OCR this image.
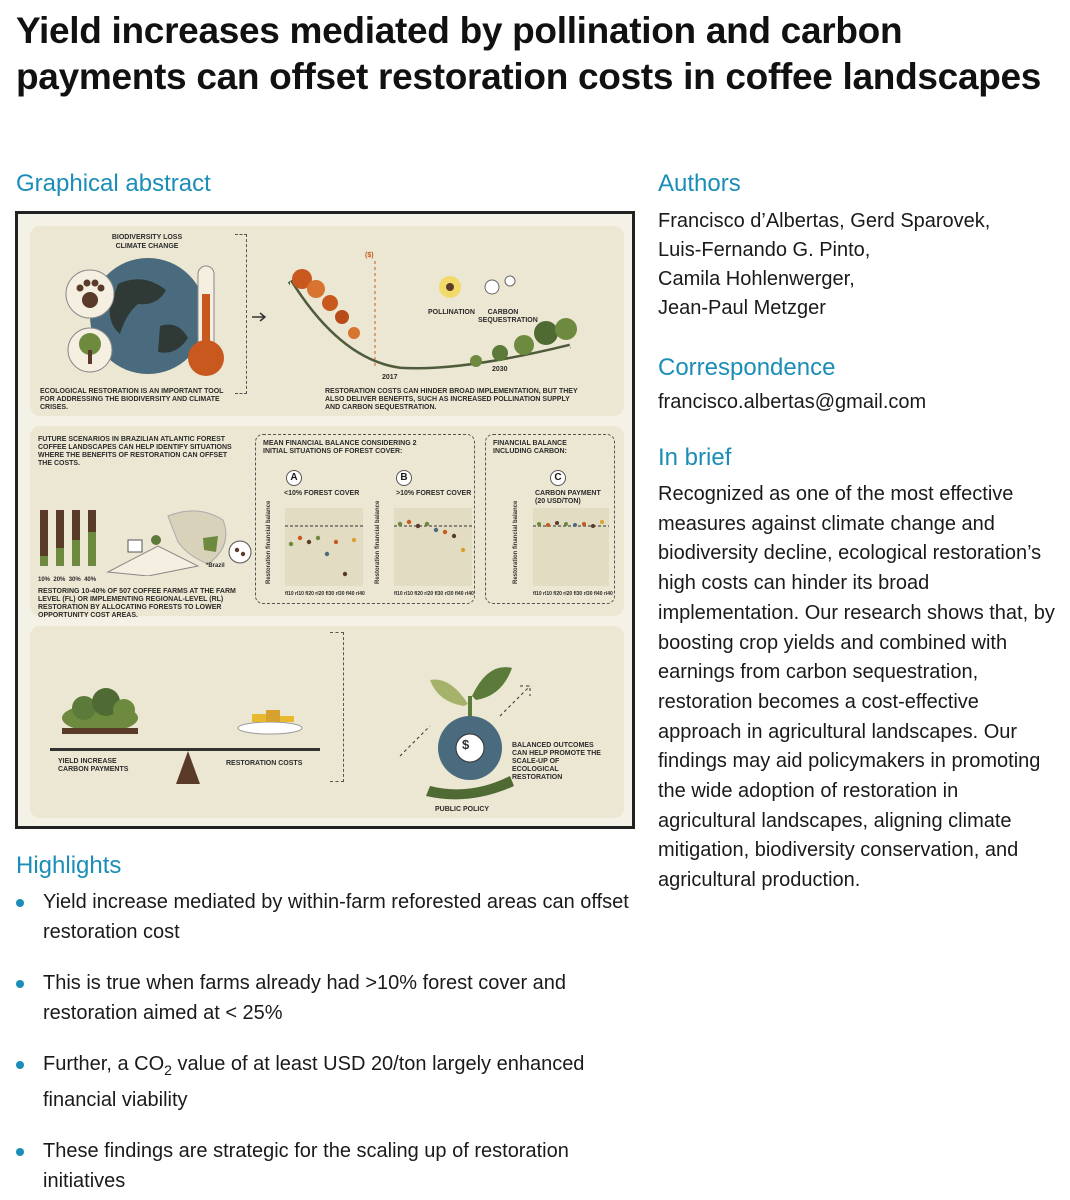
Yield increases mediated by pollination and carbon payments can offset restoration costs in coffee landscapes
Graphical abstract
BIODIVERSITY LOSS
CLIMATE CHANGE
ECOLOGICAL RESTORATION IS AN IMPORTANT TOOL FOR ADDRESSING THE BIODIVERSITY AND CLIMATE CRISES.
($)
POLLINATION	CARBON SEQUESTRATION
2017
2030
RESTORATION COSTS CAN HINDER BROAD IMPLEMENTATION, BUT THEY ALSO DELIVER BENEFITS, SUCH AS INCREASED POLLINATION SUPPLY AND CARBON SEQUESTRATION.
FUTURE SCENARIOS IN BRAZILIAN ATLANTIC FOREST COFFEE LANDSCAPES CAN HELP IDENTIFY SITUATIONS WHERE THE BENEFITS OF RESTORATION CAN OFFSET THE COSTS.
10% 20% 30% 40%
*Brazil
RESTORING 10-40% OF 507 COFFEE FARMS AT THE FARM LEVEL (FL) OR IMPLEMENTING REGIONAL-LEVEL (RL) RESTORATION BY ALLOCATING FORESTS TO LOWER OPPORTUNITY COST AREAS.
MEAN FINANCIAL BALANCE CONSIDERING 2 INITIAL SITUATIONS OF FOREST COVER:
FINANCIAL BALANCE INCLUDING CARBON:
A
<10% FOREST COVER
Restoration financial balance
fl10 rl10 fl20 rl20 fl30 rl30 fl40 rl40
B
>10% FOREST COVER
Restoration financial balance
fl10 rl10 fl20 rl20 fl30 rl30 fl40 rl40
C
CARBON PAYMENT (20 USD/TON)
Restoration financial balance
fl10 rl10 fl20 rl20 fl30 rl30 fl40 rl40
YIELD INCREASE
CARBON PAYMENTS
RESTORATION COSTS
$	BALANCED OUTCOMES CAN HELP PROMOTE THE SCALE-UP OF ECOLOGICAL RESTORATION
PUBLIC POLICY
Highlights
Yield increase mediated by within-farm reforested areas can offset restoration cost
This is true when farms already had >10% forest cover and restoration aimed at < 25%
Further, a $CO_2$ value of at least USD 20/ton largely enhanced financial viability
These findings are strategic for the scaling up of restoration initiatives
Authors

Francisco d’Albertas, Gerd Sparovek,

Luis-Fernando G. Pinto,

Camila Hohlenwerger,

Jean-Paul Metzger

Correspondence
francisco.albertas@gmail.com
In brief
Recognized as one of the most effective measures against climate change and biodiversity decline, ecological restoration’s high costs can hinder its broad implementation. Our research shows that, by boosting crop yields and combined with earnings from carbon sequestration, restoration becomes a cost-effective approach in agricultural landscapes. Our findings may aid policymakers in promoting the wide adoption of restoration in agricultural landscapes, aligning climate mitigation, biodiversity conservation, and agricultural production.
